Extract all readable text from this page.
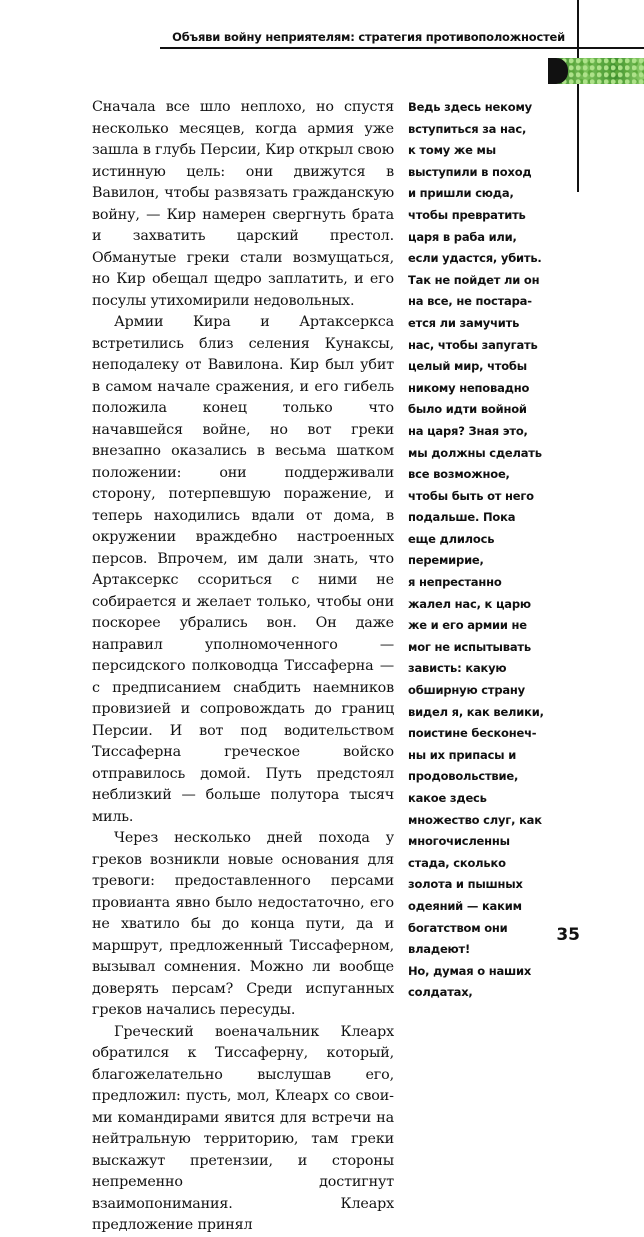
Объяви войну неприятелям: стратегия противоположностей

Сначала все шло неплохо, но спустя несколько месяцев, когда армия уже зашла в глубь Персии, Кир открыл свою истинную цель: они движутся в Вавилон, чтобы развязать гражданскую войну, — Кир намерен свергнуть брата и захватить царский престол. Обманутые греки стали возмущаться, но Кир обещал щедро заплатить, и его посулы утихомирили недовольных.

Армии Кира и Артаксеркса встретились близ селения Кунаксы, неподалеку от Вавилона. Кир был убит в самом начале сражения, и его гибель положила конец только что начавшейся войне, но вот греки внезапно оказались в весьма шатком положении: они поддерживали сторону, потерпевшую поражение, и теперь находились вдали от дома, в окружении враждебно настроенных персов. Впрочем, им дали знать, что Артаксеркс ссориться с ними не собирается и желает только, чтобы они поскорее убрались вон. Он даже направил уполномоченного — персидского полководца Тиссаферна — с предписанием снабдить наемников провизией и сопровождать до границ Персии. И вот под водительством Тиссаферна греческое войско отправилось домой. Путь предстоял неблизкий — больше полутора тысяч миль.

Через несколько дней похода у греков возникли новые основания для тревоги: предоставленного персами провианта явно было недостаточно, его не хватило бы до конца пути, да и маршрут, предложенный Тиссаферном, вызывал сомнения. Можно ли вообще доверять персам? Среди испуганных греков начались пересуды.

Греческий военачальник Клеарх обратился к Тиссаферну, который, благожелательно выслушав его, предложил: пусть, мол, Клеарх со своими командирами явится для встречи на нейтральную территорию, там греки выскажут претензии, и стороны непременно достигнут взаимопонимания. Клеарх предложение принял

Ведь здесь некому
вступиться за нас,
к тому же мы
выступили в поход
и пришли сюда,
чтобы превратить
царя в раба или,
если удастся, убить.
Так не пойдет ли он
на все, не постара-
ется ли замучить
нас, чтобы запугать
целый мир, чтобы
никому неповадно
было идти войной
на царя? Зная это,
мы должны сделать
все возможное,
чтобы быть от него
подальше. Пока
еще длилось
перемирие,
я непрестанно
жалел нас, к царю
же и его армии не
мог не испытывать
зависть: какую
обширную страну
видел я, как велики,
поистине бесконеч-
ны их припасы и
продовольствие,
какое здесь
множество слуг, как
многочисленны
стада, сколько
золота и пышных
одеяний — каким
богатством они
владеют!
Но, думая о наших
солдатах,
35
